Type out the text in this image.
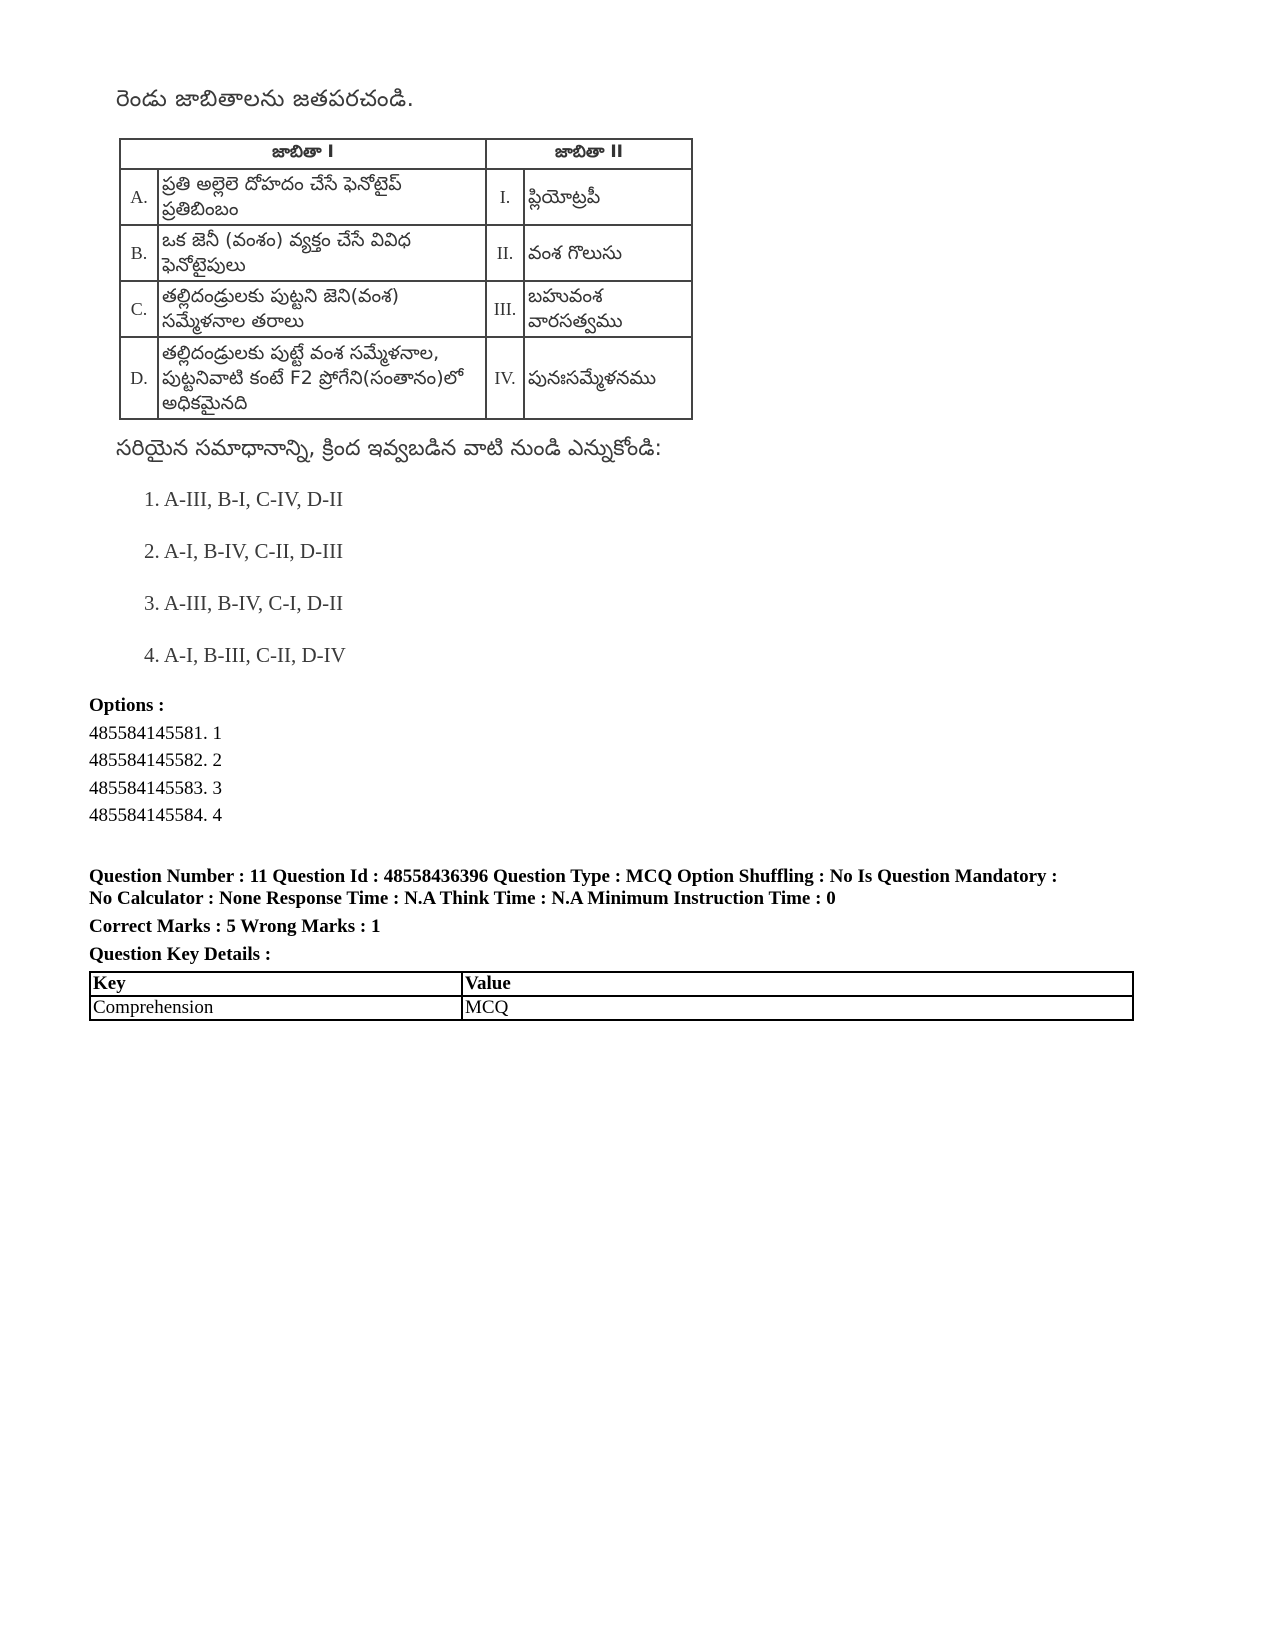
రెండు జాబితాలను జతపరచండి.
జాబితా I		జాబితా II	
A.	ప్రతి అల్లెలె దోహదం చేసే ఫెనోటైప్ ప్రతిబింబం	I.	ప్లియోట్రపీ
B.	ఒక జెనీ (వంశం) వ్యక్తం చేసే వివిధ ఫెనోటైపులు	II.	వంశ గొలుసు
C.	తల్లిదండ్రులకు పుట్టని జెని(వంశ) సమ్మేళనాల తరాలు	III.	బహువంశ వారసత్వము
D.	తల్లిదండ్రులకు పుట్టే వంశ సమ్మేళనాల, పుట్టనివాటి కంటే F2 ప్రోగేని(సంతానం)లో అధికమైనది	IV.	పునఃసమ్మేళనము
సరియైన సమాధానాన్ని, క్రింద ఇవ్వబడిన వాటి నుండి ఎన్నుకోండి:
1. A-III, B-I, C-IV, D-II
2. A-I, B-IV, C-II, D-III
3. A-III, B-IV, C-I, D-II
4. A-I, B-III, C-II, D-IV
Options :
485584145581. 1
485584145582. 2
485584145583. 3
485584145584. 4
Question Number : 11 Question Id : 48558436396 Question Type : MCQ Option Shuffling : No Is Question Mandatory :
No Calculator : None Response Time : N.A Think Time : N.A Minimum Instruction Time : 0
Correct Marks : 5 Wrong Marks : 1
Question Key Details :
Key	Value
Comprehension	MCQ
